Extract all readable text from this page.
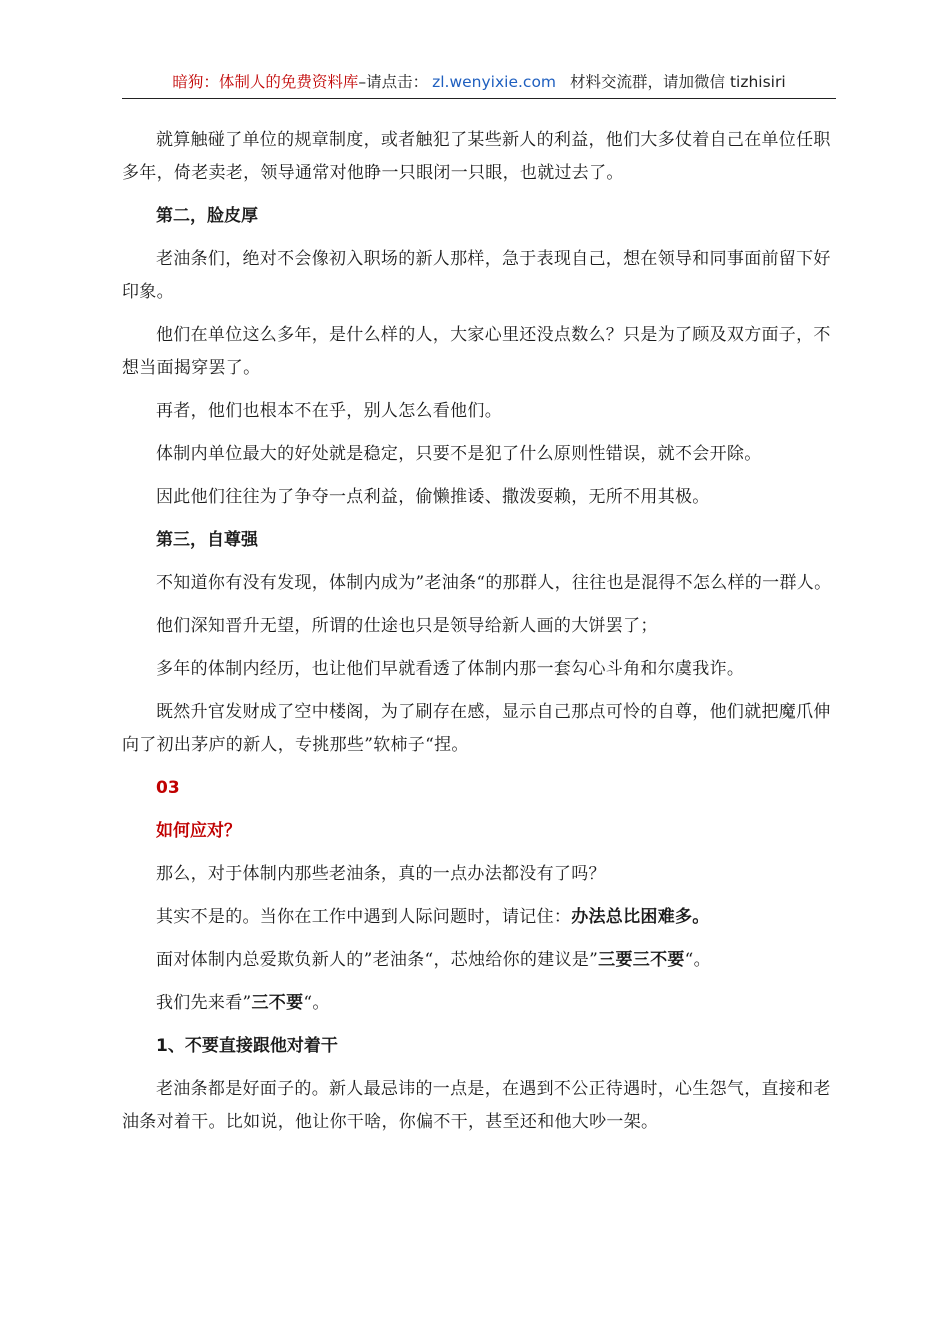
暗狗：体制人的免费资料库–请点击： zl.wenyixie.com 材料交流群，请加微信 tizhisiri
就算触碰了单位的规章制度，或者触犯了某些新人的利益，他们大多仗着自己在单位任职多年，倚老卖老，领导通常对他睁一只眼闭一只眼，也就过去了。
第二，脸皮厚
老油条们，绝对不会像初入职场的新人那样，急于表现自己，想在领导和同事面前留下好印象。
他们在单位这么多年，是什么样的人，大家心里还没点数么？只是为了顾及双方面子，不想当面揭穿罢了。
再者，他们也根本不在乎，别人怎么看他们。
体制内单位最大的好处就是稳定，只要不是犯了什么原则性错误，就不会开除。
因此他们往往为了争夺一点利益，偷懒推诿、撒泼耍赖，无所不用其极。
第三，自尊强
不知道你有没有发现，体制内成为”老油条“的那群人，往往也是混得不怎么样的一群人。
他们深知晋升无望，所谓的仕途也只是领导给新人画的大饼罢了；
多年的体制内经历，也让他们早就看透了体制内那一套勾心斗角和尔虞我诈。
既然升官发财成了空中楼阁，为了刷存在感，显示自己那点可怜的自尊，他们就把魔爪伸向了初出茅庐的新人，专挑那些”软柿子“捏。
03
如何应对？
那么，对于体制内那些老油条，真的一点办法都没有了吗？
其实不是的。当你在工作中遇到人际问题时，请记住：办法总比困难多。
面对体制内总爱欺负新人的”老油条“，芯烛给你的建议是”三要三不要“。
我们先来看”三不要“。
1、不要直接跟他对着干
老油条都是好面子的。新人最忌讳的一点是，在遇到不公正待遇时，心生怨气，直接和老油条对着干。比如说，他让你干啥，你偏不干，甚至还和他大吵一架。
